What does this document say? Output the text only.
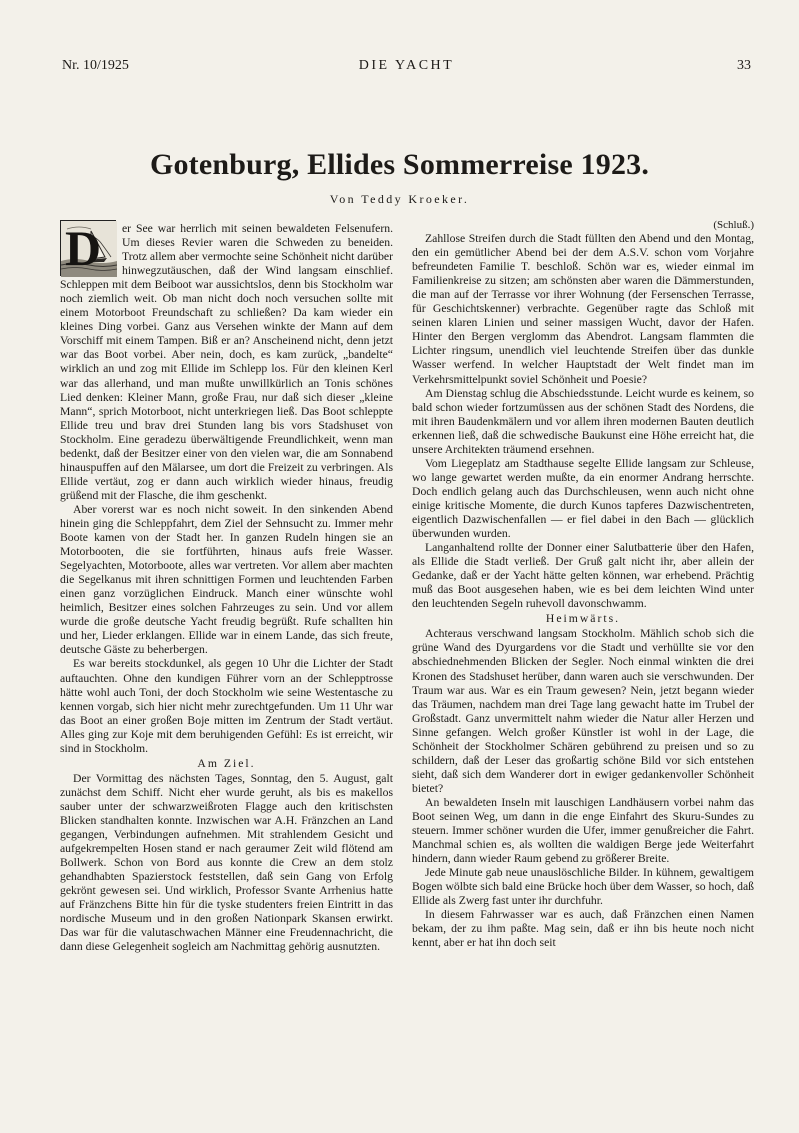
Nr. 10/1925	DIE YACHT	33
Gotenburg, Ellides Sommerreise 1923.
Von Teddy Kroeker.
D	er See war herrlich mit seinen bewaldeten Felsenufern. Um dieses Revier waren die Schweden zu beneiden. Trotz allem aber vermochte seine Schönheit nicht darüber hinwegzutäuschen, daß der Wind langsam einschlief. Schleppen mit dem Beiboot war aussichtslos, denn bis Stockholm war noch ziemlich weit. Ob man nicht doch noch versuchen sollte mit einem Motorboot Freundschaft zu schließen? Da kam wieder ein kleines Ding vorbei. Ganz aus Versehen winkte der Mann auf dem Vorschiff mit einem Tampen. Biß er an? Anscheinend nicht, denn jetzt war das Boot vorbei. Aber nein, doch, es kam zurück, „bandelte“ wirklich an und zog mit Ellide im Schlepp los. Für den kleinen Kerl war das allerhand, und man mußte unwillkürlich an Tonis schönes Lied denken: Kleiner Mann, große Frau, nur daß sich dieser „kleine Mann“, sprich Motorboot, nicht unterkriegen ließ. Das Boot schleppte Ellide treu und brav drei Stunden lang bis vors Stadshuset von Stockholm. Eine geradezu überwältigende Freundlichkeit, wenn man bedenkt, daß der Besitzer einer von den vielen war, die am Sonnabend hinauspuffen auf den Mälarsee, um dort die Freizeit zu verbringen. Als Ellide vertäut, zog er dann auch wirklich wieder hinaus, freudig grüßend mit der Flasche, die ihm geschenkt.

Aber vorerst war es noch nicht soweit. In den sinkenden Abend hinein ging die Schleppfahrt, dem Ziel der Sehnsucht zu. Immer mehr Boote kamen von der Stadt her. In ganzen Rudeln hingen sie an Motorbooten, die sie fortführten, hinaus aufs freie Wasser. Segelyachten, Motorboote, alles war vertreten. Vor allem aber machten die Segelkanus mit ihren schnittigen Formen und leuchtenden Farben einen ganz vorzüglichen Eindruck. Manch einer wünschte wohl heimlich, Besitzer eines solchen Fahrzeuges zu sein. Und vor allem wurde die große deutsche Yacht freudig begrüßt. Rufe schallten hin und her, Lieder erklangen. Ellide war in einem Lande, das sich freute, deutsche Gäste zu beherbergen.

Es war bereits stockdunkel, als gegen 10 Uhr die Lichter der Stadt auftauchten. Ohne den kundigen Führer vorn an der Schlepptrosse hätte wohl auch Toni, der doch Stockholm wie seine Westentasche zu kennen vorgab, sich hier nicht mehr zurechtgefunden. Um 11 Uhr war das Boot an einer großen Boje mitten im Zentrum der Stadt vertäut. Alles ging zur Koje mit dem beruhigenden Gefühl: Es ist erreicht, wir sind in Stockholm.

Am Ziel.

Der Vormittag des nächsten Tages, Sonntag, den 5. August, galt zunächst dem Schiff. Nicht eher wurde geruht, als bis es makellos sauber unter der schwarzweißroten Flagge auch den kritischsten Blicken standhalten konnte. Inzwischen war A.H. Fränzchen an Land gegangen, Verbindungen aufnehmen. Mit strahlendem Gesicht und aufgekrempelten Hosen stand er nach geraumer Zeit wild flötend am Bollwerk. Schon von Bord aus konnte die Crew an dem stolz gehandhabten Spazierstock feststellen, daß sein Gang von Erfolg gekrönt gewesen sei. Und wirklich, Professor Svante Arrhenius hatte auf Fränzchens Bitte hin für die tyske studenters freien Eintritt in das nordische Museum und in den großen Nationpark Skansen erwirkt. Das war für die valutaschwachen Männer eine Freudennachricht, die dann diese Gelegenheit sogleich am Nachmittag gehörig ausnutzten.

(Schluß.)

Zahllose Streifen durch die Stadt füllten den Abend und den Montag, den ein gemütlicher Abend bei der dem A.S.V. schon vom Vorjahre befreundeten Familie T. beschloß. Schön war es, wieder einmal im Familienkreise zu sitzen; am schönsten aber waren die Dämmerstunden, die man auf der Terrasse vor ihrer Wohnung (der Fersenschen Terrasse, für Geschichtskenner) verbrachte. Gegenüber ragte das Schloß mit seinen klaren Linien und seiner massigen Wucht, davor der Hafen. Hinter den Bergen verglomm das Abendrot. Langsam flammten die Lichter ringsum, unendlich viel leuchtende Streifen über das dunkle Wasser werfend. In welcher Hauptstadt der Welt findet man im Verkehrsmittelpunkt soviel Schönheit und Poesie?

Am Dienstag schlug die Abschiedsstunde. Leicht wurde es keinem, so bald schon wieder fortzumüssen aus der schönen Stadt des Nordens, die mit ihren Baudenkmälern und vor allem ihren modernen Bauten deutlich erkennen ließ, daß die schwedische Baukunst eine Höhe erreicht hat, die unsere Architekten träumend ersehnen.

Vom Liegeplatz am Stadthause segelte Ellide langsam zur Schleuse, wo lange gewartet werden mußte, da ein enormer Andrang herrschte. Doch endlich gelang auch das Durchschleusen, wenn auch nicht ohne einige kritische Momente, die durch Kunos tapferes Dazwischentreten, eigentlich Dazwischenfallen — er fiel dabei in den Bach — glücklich überwunden wurden.

Langanhaltend rollte der Donner einer Salutbatterie über den Hafen, als Ellide die Stadt verließ. Der Gruß galt nicht ihr, aber allein der Gedanke, daß er der Yacht hätte gelten können, war erhebend. Prächtig muß das Boot ausgesehen haben, wie es bei dem leichten Wind unter den leuchtenden Segeln ruhevoll davonschwamm.

Heimwärts.

Achteraus verschwand langsam Stockholm. Mählich schob sich die grüne Wand des Dyurgardens vor die Stadt und verhüllte sie vor den abschiednehmenden Blicken der Segler. Noch einmal winkten die drei Kronen des Stadshuset herüber, dann waren auch sie verschwunden. Der Traum war aus. War es ein Traum gewesen? Nein, jetzt begann wieder das Träumen, nachdem man drei Tage lang gewacht hatte im Trubel der Großstadt. Ganz unvermittelt nahm wieder die Natur aller Herzen und Sinne gefangen. Welch großer Künstler ist wohl in der Lage, die Schönheit der Stockholmer Schären gebührend zu preisen und so zu schildern, daß der Leser das großartig schöne Bild vor sich entstehen sieht, daß sich dem Wanderer dort in ewiger gedankenvoller Schönheit bietet?

An bewaldeten Inseln mit lauschigen Landhäusern vorbei nahm das Boot seinen Weg, um dann in die enge Einfahrt des Skuru-Sundes zu steuern. Immer schöner wurden die Ufer, immer genußreicher die Fahrt. Manchmal schien es, als wollten die waldigen Berge jede Weiterfahrt hindern, dann wieder Raum gebend zu größerer Breite.

Jede Minute gab neue unauslöschliche Bilder. In kühnem, gewaltigem Bogen wölbte sich bald eine Brücke hoch über dem Wasser, so hoch, daß Ellide als Zwerg fast unter ihr durchfuhr.

In diesem Fahrwasser war es auch, daß Fränzchen einen Namen bekam, der zu ihm paßte. Mag sein, daß er ihn bis heute noch nicht kennt, aber er hat ihn doch seit
